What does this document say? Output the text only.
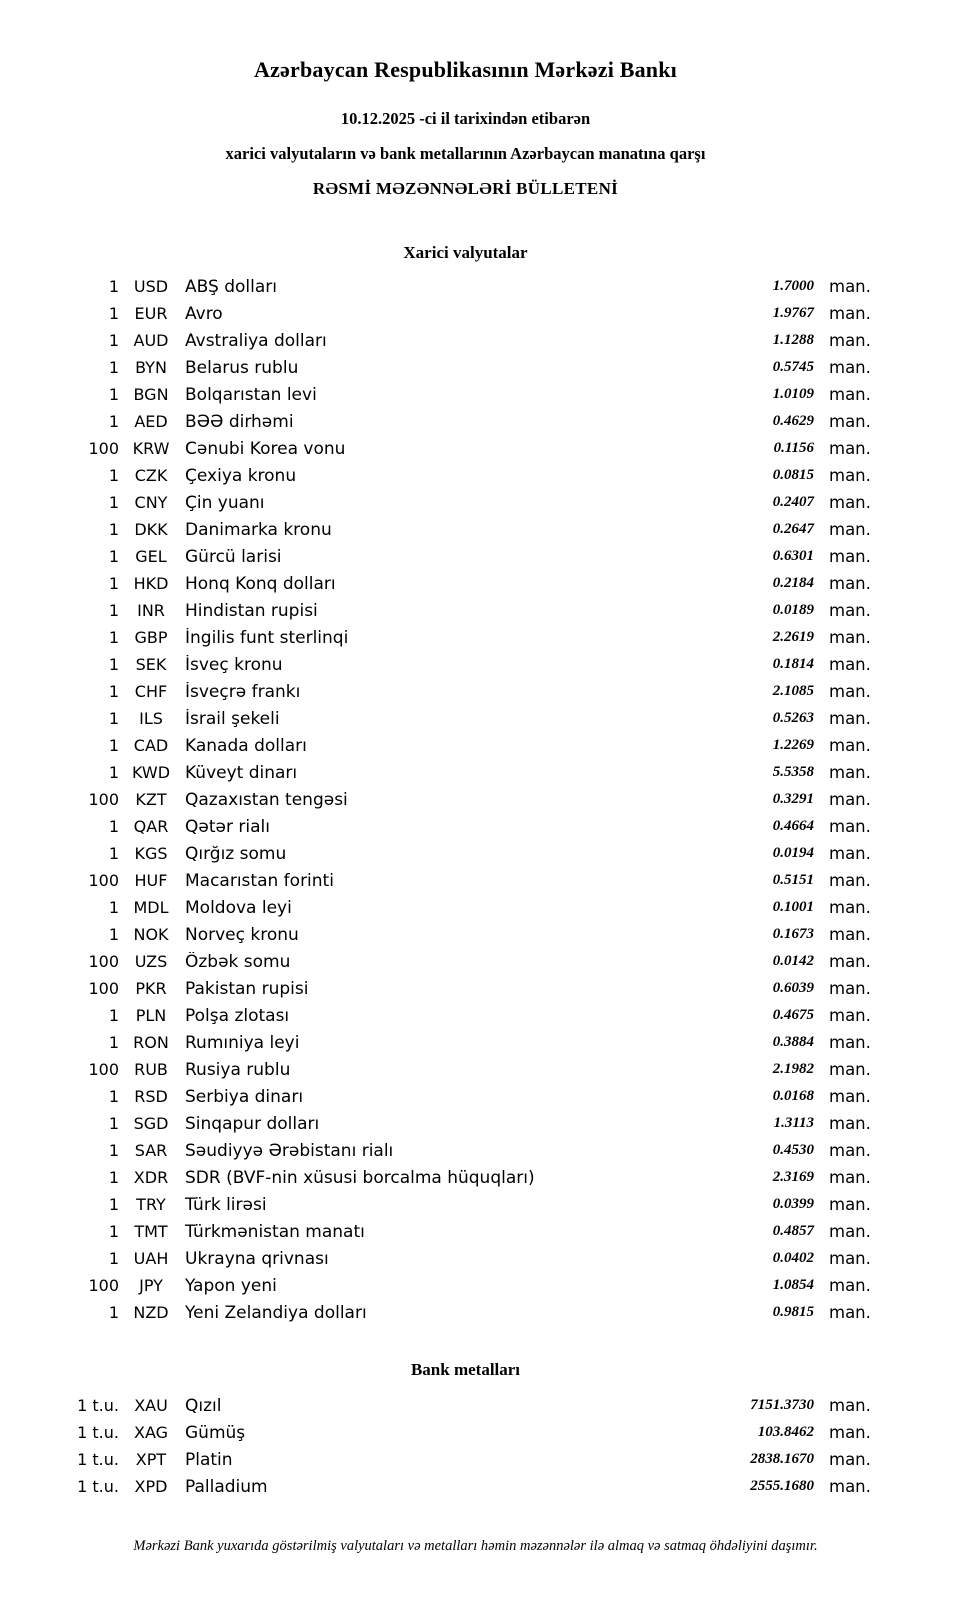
Azərbaycan Respublikasının Mərkəzi Bankı

10.12.2025 -ci il tarixindən etibarən

xarici valyutaların və bank metallarının Azərbaycan manatına qarşı

RƏSMİ MƏZƏNNƏLƏRİ BÜLLETENİ

Xarici valyutalar
1 USD ABŞ dolları	1.7000 man.
1 EUR	Avro	1.9767 man.
1 AUD Avstraliya dolları	1.1288 man.
1	BYN	Belarus rublu	0.5745 man.
1 BGN Bolqarıstan levi	1.0109 man.
1 AED	BƏƏ dirhəmi	0.4629 man.
100 KRW Cənubi Korea vonu	0.1156 man.
1 CZK	Çexiya kronu	0.0815 man.
1 CNY	Çin yuanı	0.2407 man.
1 DKK	Danimarka kronu	0.2647 man.
1	GEL	Gürcü larisi	0.6301 man.
1 HKD Honq Konq dolları	0.2184 man.
1	INR	Hindistan rupisi	0.0189 man.
1 GBP	İngilis funt sterlinqi	2.2619 man.
1	SEK	İsveç kronu	0.1814 man.
1 CHF	İsveçrə frankı	2.1085 man.
1	ILS	İsrail şekeli	0.5263 man.
1 CAD Kanada dolları	1.2269 man.
1 KWD Küveyt dinarı	5.5358 man.
100	KZT	Qazaxıstan tengəsi	0.3291 man.
1 QAR Qətər rialı	0.4664 man.
1 KGS	Qırğız somu	0.0194 man.
100 HUF	Macarıstan forinti	0.5151 man.
1 MDL Moldova leyi	0.1001 man.
1 NOK Norveç kronu	0.1673 man.
100 UZS	Özbək somu	0.0142 man.
100	PKR	Pakistan rupisi	0.6039 man.
1	PLN	Polşa zlotası	0.4675 man.
1 RON Rumıniya leyi	0.3884 man.
100 RUB	Rusiya rublu	2.1982 man.
1 RSD	Serbiya dinarı	0.0168 man.
1 SGD Sinqapur dolları	1.3113 man.
1 SAR	Səudiyyə Ərəbistanı rialı	0.4530 man.
1 XDR SDR (BVF-nin xüsusi borcalma hüquqları)	2.3169 man.
1	TRY	Türk lirəsi	0.0399 man.
1 TMT	Türkmənistan manatı	0.4857 man.
1 UAH Ukrayna qrivnası	0.0402 man.
100	JPY	Yapon yeni	1.0854 man.
1 NZD Yeni Zelandiya dolları	0.9815 man.
Bank metalları
1 t.u. XAU	Qızıl	7151.3730 man.
1 t.u. XAG Gümüş	103.8462 man.
1 t.u.	XPT	Platin	2838.1670 man.
1 t.u. XPD	Palladium	2555.1680 man.

Mərkəzi Bank yuxarıda göstərilmiş valyutaları və metalları həmin məzənnələr ilə almaq və satmaq öhdəliyini daşımır.
